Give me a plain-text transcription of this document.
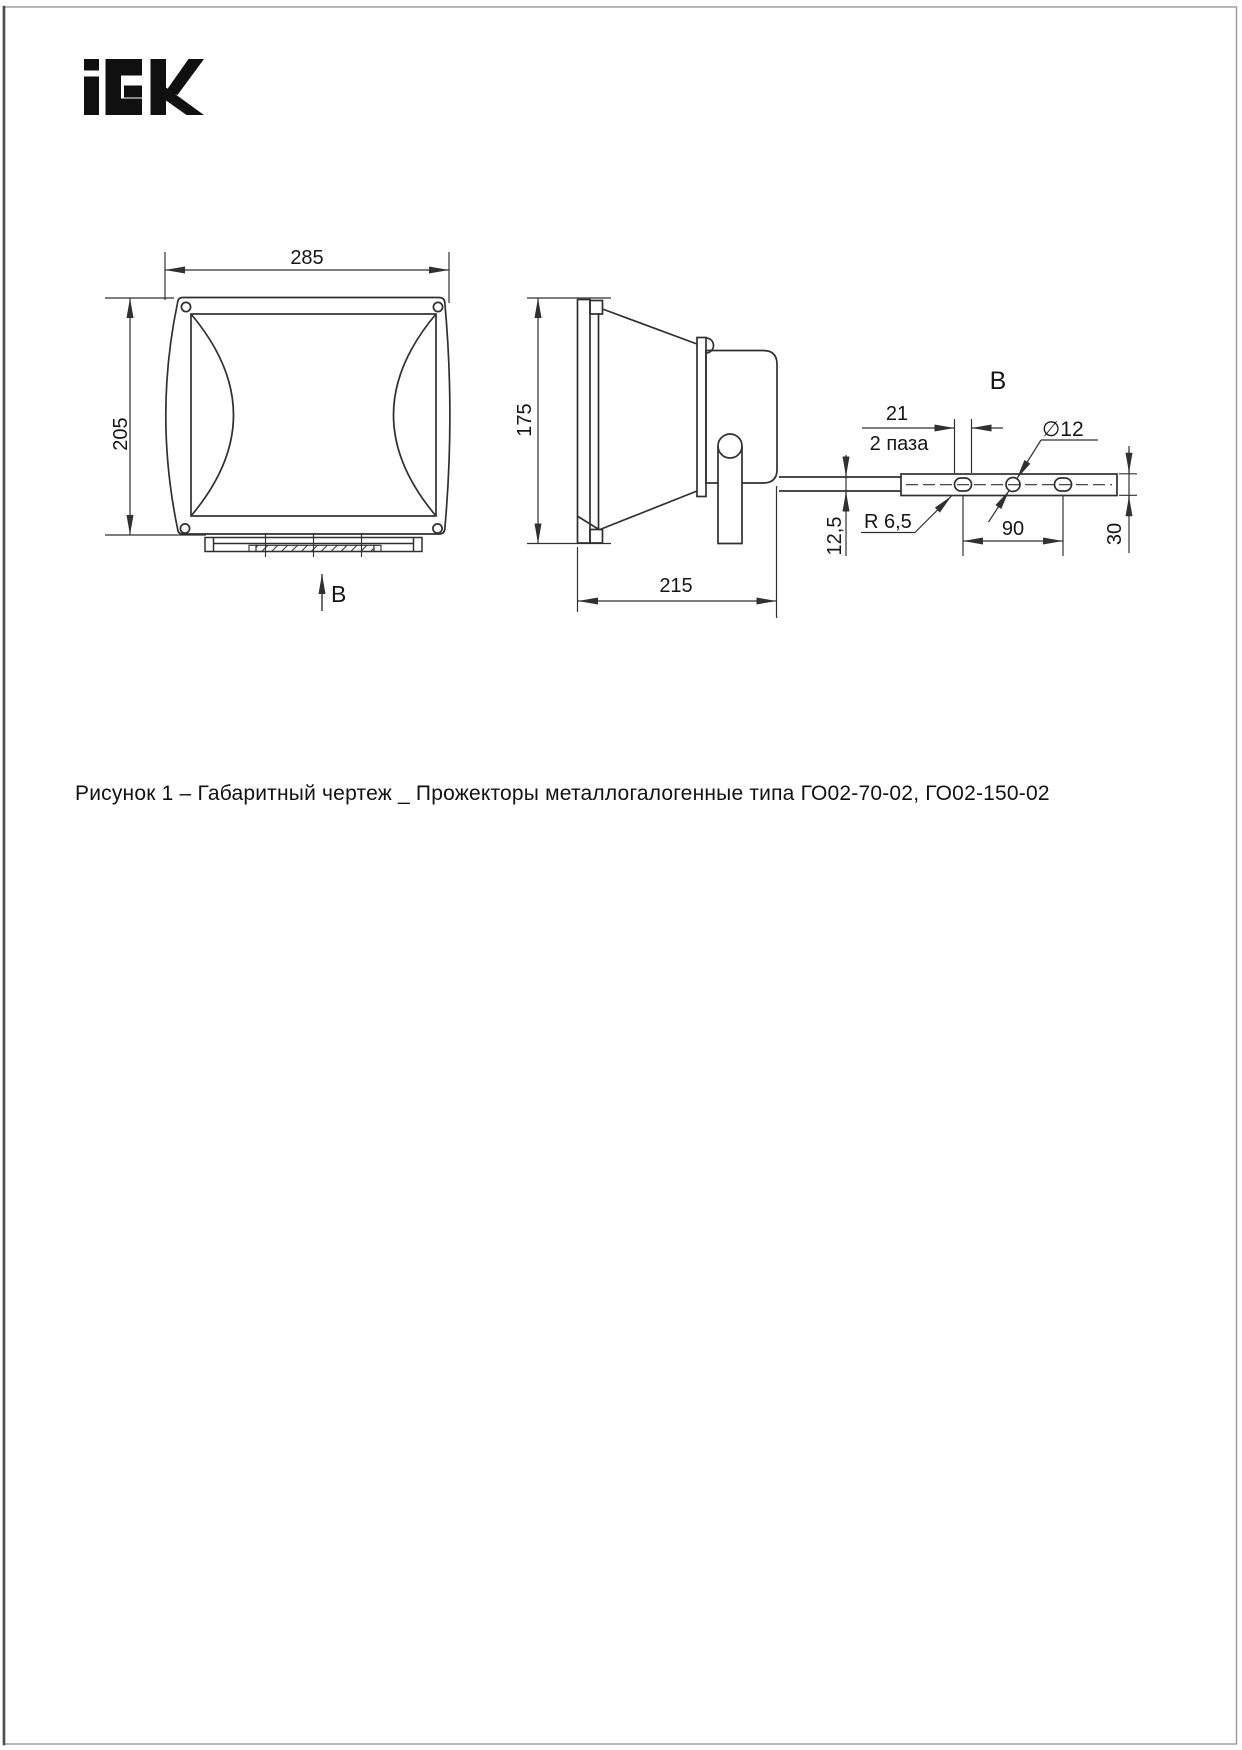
285
205
B
175
215
B
21
2 паза
12,5 R 6,5	90
∅12
30
Рисунок 1 – Габаритный чертеж _ Прожекторы металлогалогенные типа ГО02-70-02, ГО02-150-02
